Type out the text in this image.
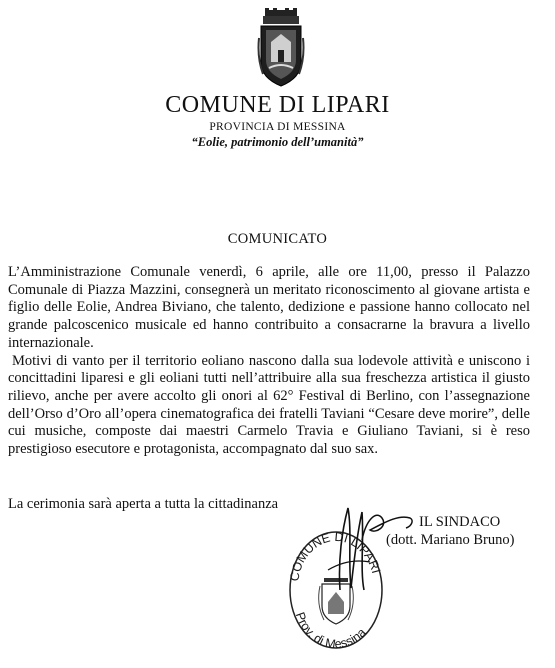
COMUNE DI LIPARI
PROVINCIA DI MESSINA
“Eolie, patrimonio dell’umanità”
COMUNICATO

L’Amministrazione Comunale venerdì, 6 aprile, alle ore 11,00, presso il Palazzo Comunale di Piazza Mazzini, consegnerà un meritato riconoscimento al giovane artista e figlio delle Eolie, Andrea Biviano, che talento, dedizione e passione hanno collocato nel grande palcoscenico musicale ed hanno contribuito a consacrarne la bravura a livello internazionale.

Motivi di vanto per il territorio eoliano nascono dalla sua lodevole attività e uniscono i concittadini liparesi e gli eoliani tutti nell’attribuire alla sua freschezza artistica il giusto rilievo, anche per avere accolto gli onori al 62° Festival di Berlino, con l’assegnazione dell’Orso d’Oro all’opera cinematografica dei fratelli Taviani “Cesare deve morire”, delle cui musiche, composte dai maestri Carmelo Travia e Giuliano Taviani, si è reso prestigioso esecutore e protagonista, accompagnato dal suo sax.

La cerimonia sarà aperta a tutta la cittadinanza
COMUNE DI LIPARI
Prov. di Messina
IL SINDACO
(dott. Mariano Bruno)
